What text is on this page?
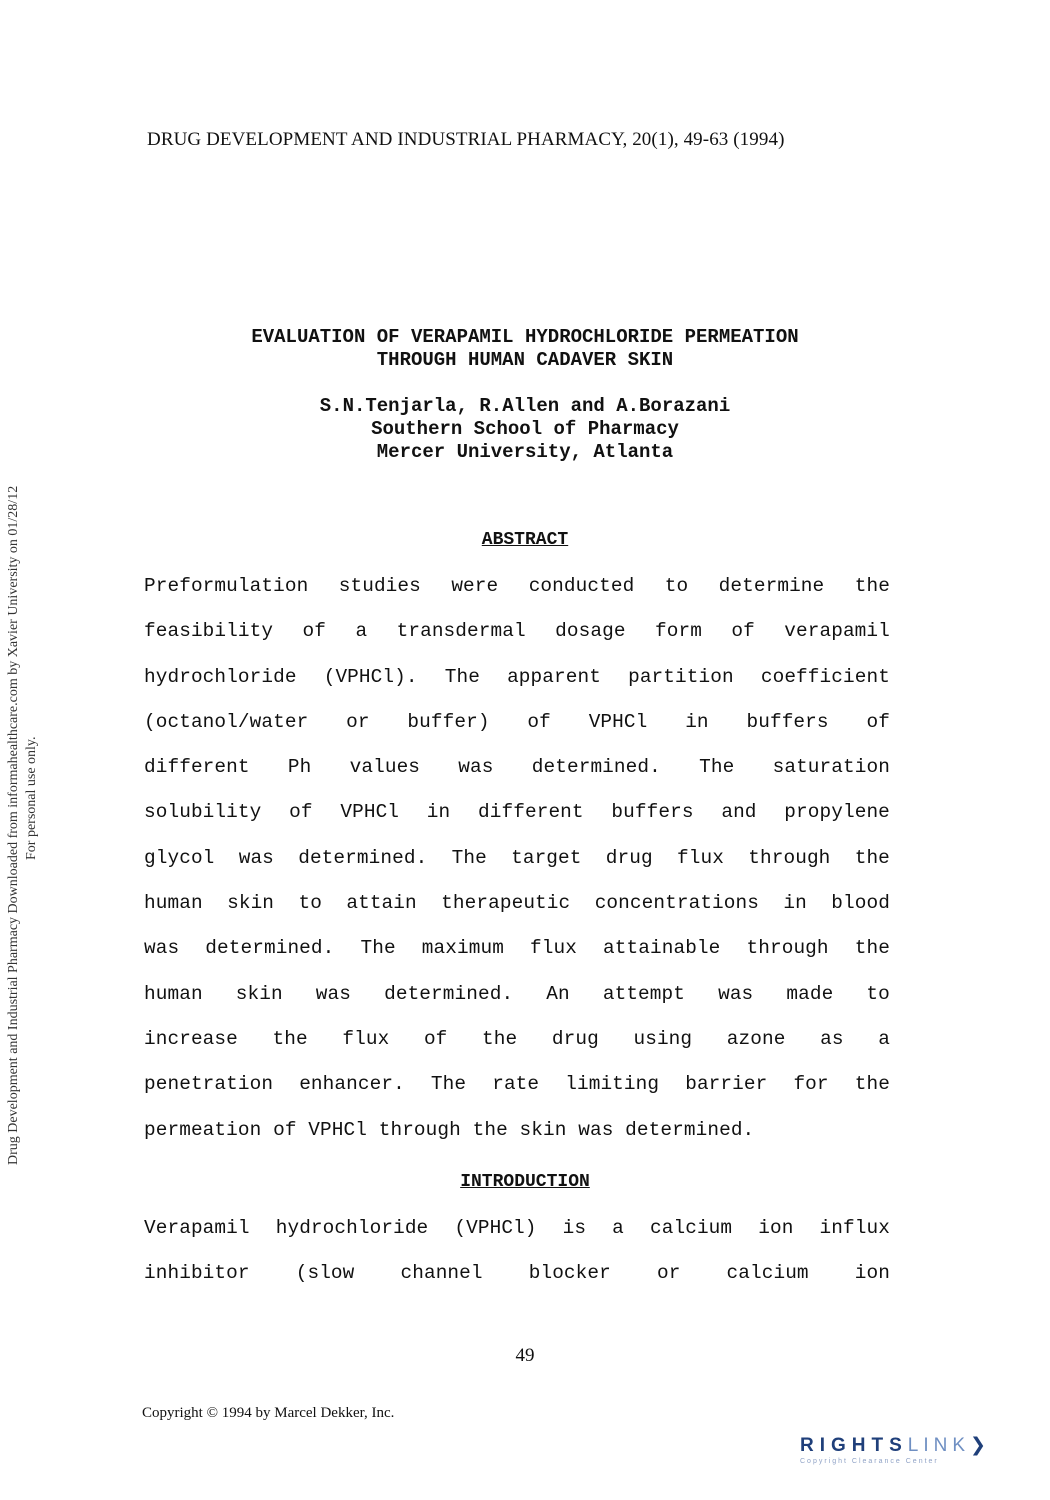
Drug Development and Industrial Pharmacy Downloaded from informahealthcare.com by Xavier University on 01/28/12 For personal use only.
DRUG DEVELOPMENT AND INDUSTRIAL PHARMACY, 20(1), 49-63 (1994)
EVALUATION OF VERAPAMIL HYDROCHLORIDE PERMEATION
THROUGH HUMAN CADAVER SKIN
S.N.Tenjarla, R.Allen and A.Borazani
Southern School of Pharmacy
Mercer University, Atlanta
ABSTRACT
Preformulation studies were conducted to determine the
feasibility of a transdermal dosage form of verapamil
hydrochloride (VPHCl). The apparent partition coefficient
(octanol/water or buffer) of VPHCl in buffers of
different Ph values was determined. The saturation
solubility of VPHCl in different buffers and propylene
glycol was determined. The target drug flux through the
human skin to attain therapeutic concentrations in blood
was determined. The maximum flux attainable through the
human skin was determined. An attempt was made to
increase the flux of the drug using azone as a
penetration enhancer. The rate limiting barrier for the
permeation of VPHCl through the skin was determined.
INTRODUCTION
Verapamil hydrochloride (VPHCl) is a calcium ion influx
inhibitor (slow channel blocker or calcium ion
49
Copyright © 1994 by Marcel Dekker, Inc.
RIGHTSLINK❯
Copyright Clearance Center
